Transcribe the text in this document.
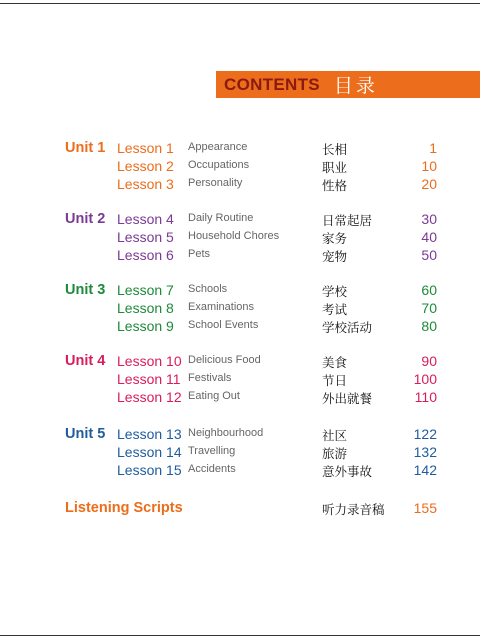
CONTENTS 目录
Unit 1 Lesson 1 Appearance	长相	1
Lesson 2 Occupations	职业	10
Lesson 3 Personality	性格	20
Unit 2 Lesson 4 Daily Routine	日常起居	30
Lesson 5 Household Chores	家务	40
Lesson 6 Pets	宠物	50
Unit 3 Lesson 7 Schools	学校	60
Lesson 8 Examinations	考试	70
Lesson 9 School Events	学校活动	80
Unit 4 Lesson 10 Delicious Food	美食	90
Lesson 11 Festivals	节日	100
Lesson 12 Eating Out	外出就餐	110
Unit 5 Lesson 13 Neighbourhood	社区	122
Lesson 14 Travelling	旅游	132
Lesson 15 Accidents	意外事故	142
Listening Scripts	听力录音稿 155
